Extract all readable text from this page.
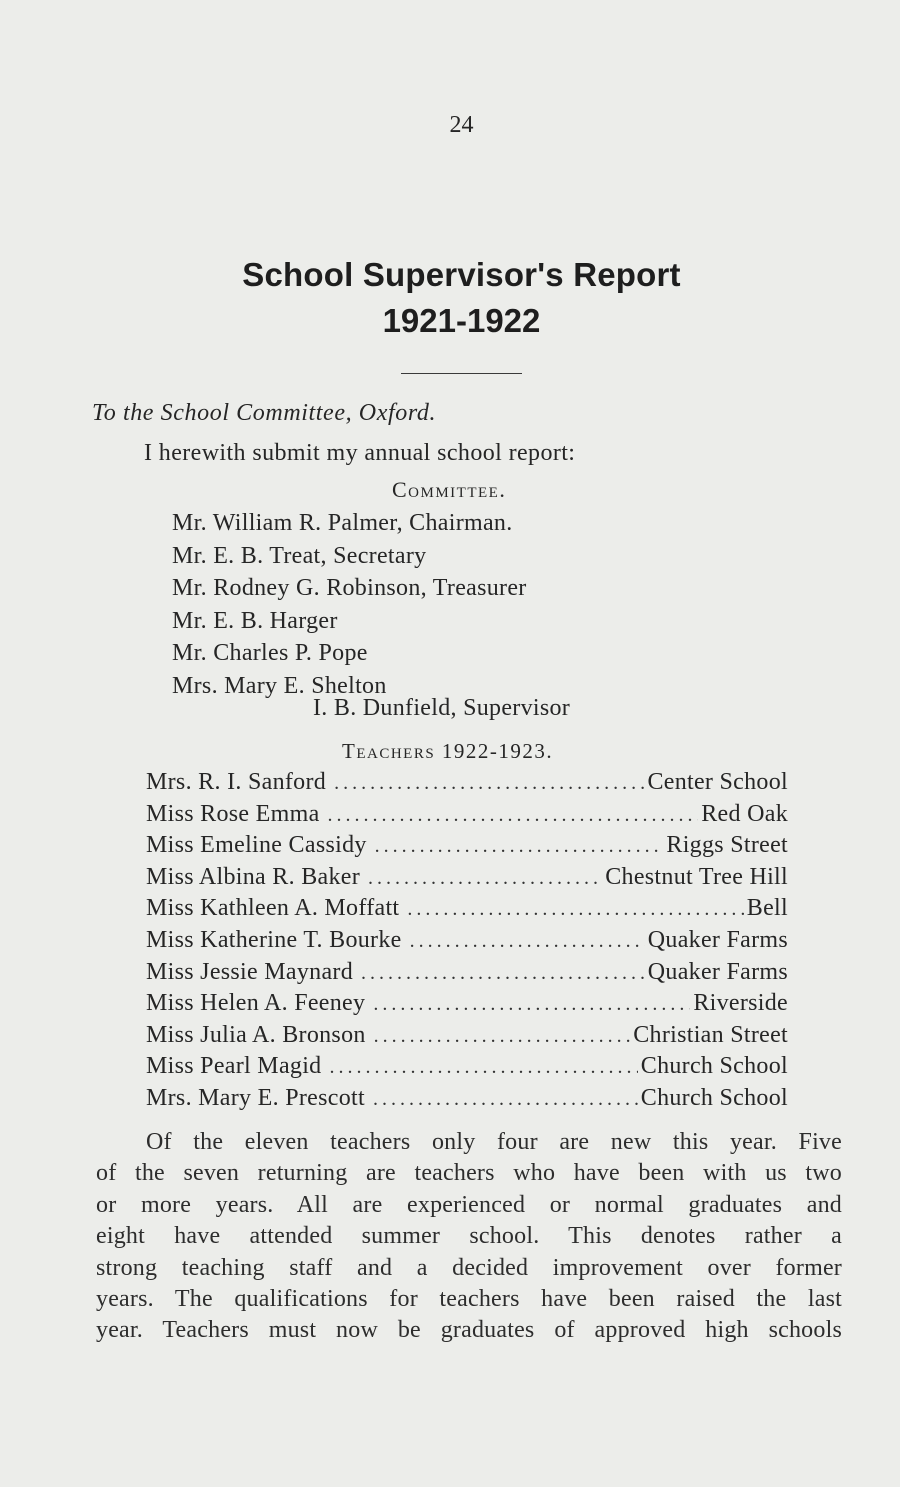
24
School Supervisor's Report
1921-1922
To the School Committee, Oxford.
I herewith submit my annual school report:
Committee.
Mr. William R. Palmer, Chairman.
Mr. E. B. Treat, Secretary
Mr. Rodney G. Robinson, Treasurer
Mr. E. B. Harger
Mr. Charles P. Pope
Mrs. Mary E. Shelton
I. B. Dunfield, Supervisor
Teachers 1922-1923.
Mrs. R. I. Sanford . . .	Center School
Miss Rose Emma . . .	Red Oak
Miss Emeline Cassidy . . .	Riggs Street
Miss Albina R. Baker . . .	Chestnut Tree Hill
Miss Kathleen A. Moffatt . . .	Bell
Miss Katherine T. Bourke . . .	Quaker Farms
Miss Jessie Maynard . . .	Quaker Farms
Miss Helen A. Feeney . . .	Riverside
Miss Julia A. Bronson . . .	Christian Street
Miss Pearl Magid . . .	Church School
Mrs. Mary E. Prescott . . .	Church School
Of the eleven teachers only four are new this year. Five
of the seven returning are teachers who have been with us two
or more years. All are experienced or normal graduates and
eight have attended summer school. This denotes rather a
strong teaching staff and a decided improvement over former
years. The qualifications for teachers have been raised the last
year. Teachers must now be graduates of approved high schools
